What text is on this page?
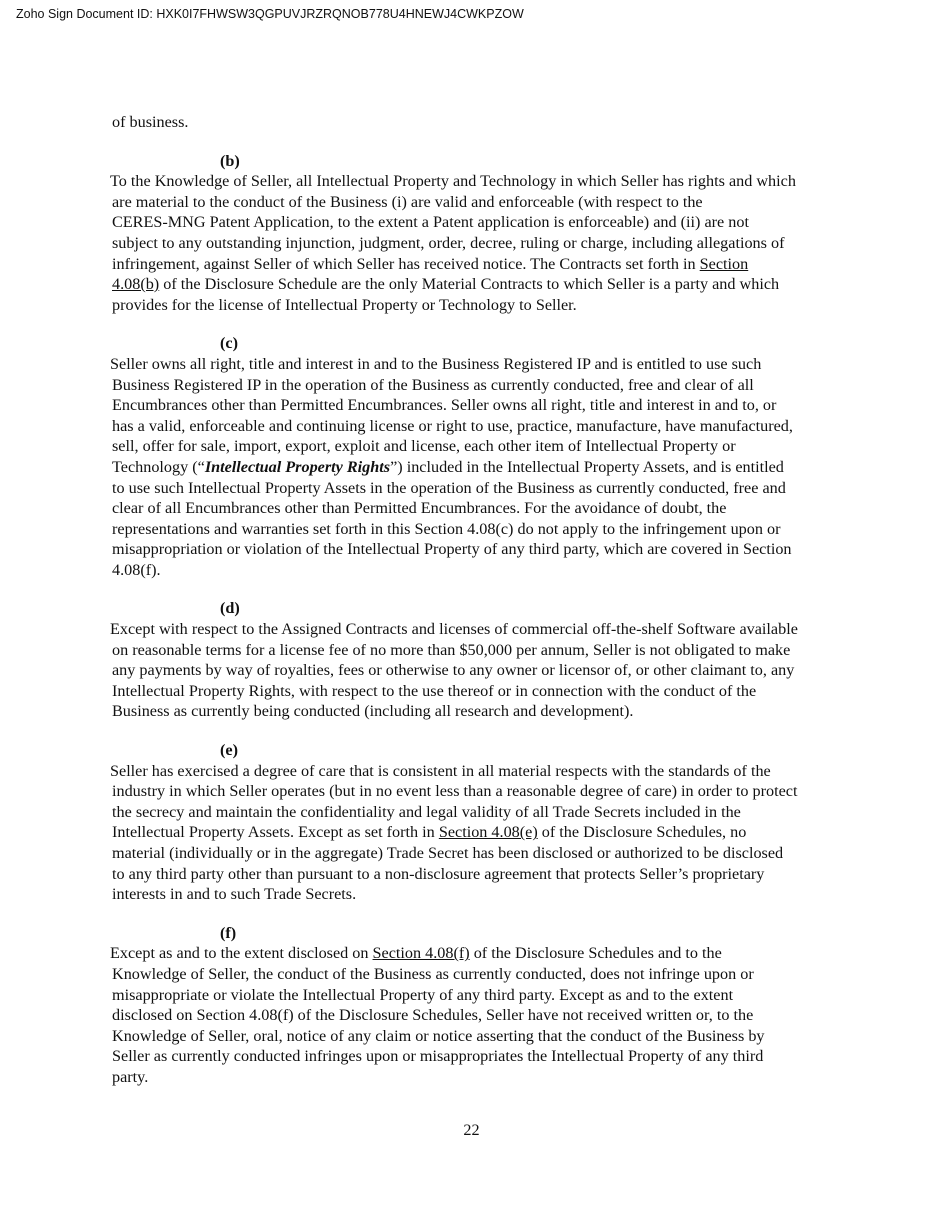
Zoho Sign Document ID: HXK0I7FHWSW3QGPUVJRZRQNOB778U4HNEWJ4CWKPZOW
of business.
(b)
To the Knowledge of Seller, all Intellectual Property and Technology in which Seller has rights and which
are material to the conduct of the Business (i) are valid and enforceable (with respect to the
CERES-MNG Patent Application, to the extent a Patent application is enforceable) and (ii) are not
subject to any outstanding injunction, judgment, order, decree, ruling or charge, including allegations of
infringement, against Seller of which Seller has received notice. The Contracts set forth in Section
4.08(b) of the Disclosure Schedule are the only Material Contracts to which Seller is a party and which
provides for the license of Intellectual Property or Technology to Seller.
(c)
Seller owns all right, title and interest in and to the Business Registered IP and is entitled to use such
Business Registered IP in the operation of the Business as currently conducted, free and clear of all
Encumbrances other than Permitted Encumbrances. Seller owns all right, title and interest in and to, or
has a valid, enforceable and continuing license or right to use, practice, manufacture, have manufactured,
sell, offer for sale, import, export, exploit and license, each other item of Intellectual Property or
Technology (“Intellectual Property Rights”) included in the Intellectual Property Assets, and is entitled
to use such Intellectual Property Assets in the operation of the Business as currently conducted, free and
clear of all Encumbrances other than Permitted Encumbrances. For the avoidance of doubt, the
representations and warranties set forth in this Section 4.08(c) do not apply to the infringement upon or
misappropriation or violation of the Intellectual Property of any third party, which are covered in Section
4.08(f).
(d)
Except with respect to the Assigned Contracts and licenses of commercial off-the-shelf Software available
on reasonable terms for a license fee of no more than $50,000 per annum, Seller is not obligated to make
any payments by way of royalties, fees or otherwise to any owner or licensor of, or other claimant to, any
Intellectual Property Rights, with respect to the use thereof or in connection with the conduct of the
Business as currently being conducted (including all research and development).
(e)
Seller has exercised a degree of care that is consistent in all material respects with the standards of the
industry in which Seller operates (but in no event less than a reasonable degree of care) in order to protect
the secrecy and maintain the confidentiality and legal validity of all Trade Secrets included in the
Intellectual Property Assets. Except as set forth in Section 4.08(e) of the Disclosure Schedules, no
material (individually or in the aggregate) Trade Secret has been disclosed or authorized to be disclosed
to any third party other than pursuant to a non-disclosure agreement that protects Seller’s proprietary
interests in and to such Trade Secrets.
(f)
Except as and to the extent disclosed on Section 4.08(f) of the Disclosure Schedules and to the
Knowledge of Seller, the conduct of the Business as currently conducted, does not infringe upon or
misappropriate or violate the Intellectual Property of any third party. Except as and to the extent
disclosed on Section 4.08(f) of the Disclosure Schedules, Seller have not received written or, to the
Knowledge of Seller, oral, notice of any claim or notice asserting that the conduct of the Business by
Seller as currently conducted infringes upon or misappropriates the Intellectual Property of any third
party.
22
